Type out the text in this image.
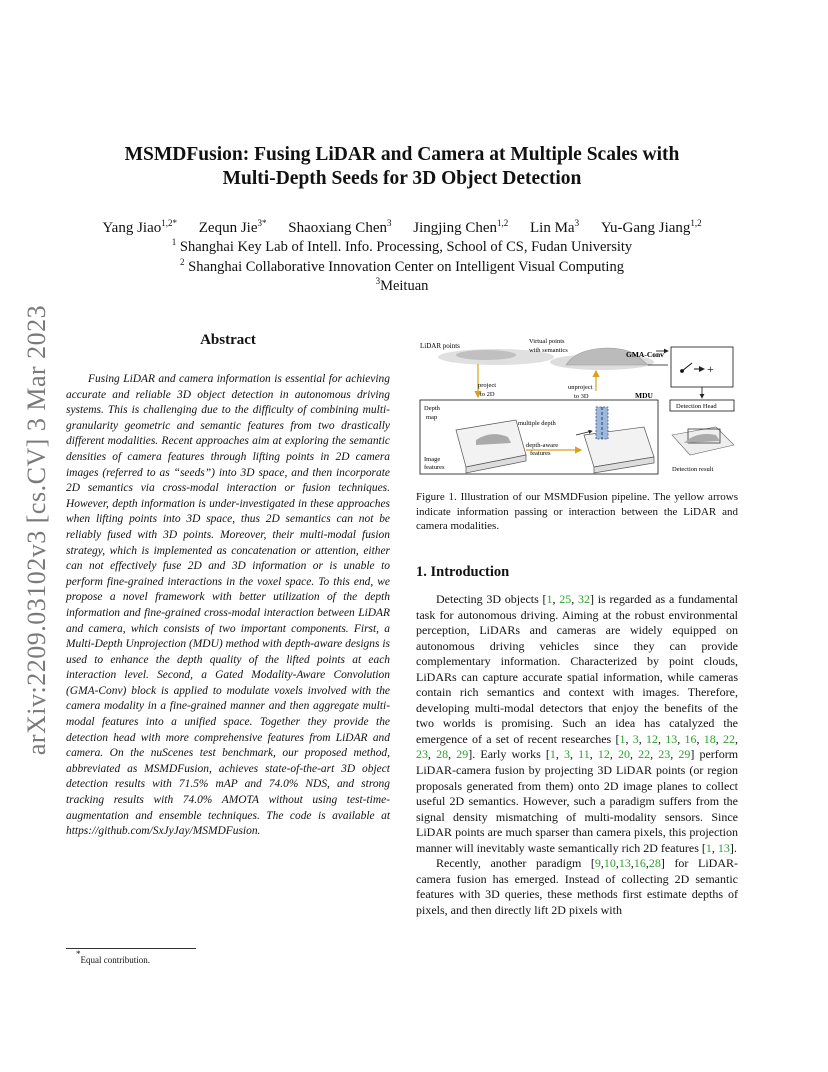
arXiv:2209.03102v3 [cs.CV] 3 Mar 2023
MSMDFusion: Fusing LiDAR and Camera at Multiple Scales with
Multi-Depth Seeds for 3D Object Detection
Yang Jiao$^{1,2*}$ Zequn Jie$^{3*}$ Shaoxiang Chen$^3$ Jingjing Chen$^{1,2}$ Lin Ma$^3$ Yu-Gang Jiang$^{1,2}$
$^1$ Shanghai Key Lab of Intell. Info. Processing, School of CS, Fudan University
$^2$ Shanghai Collaborative Innovation Center on Intelligent Visual Computing
$^3$Meituan
Abstract
Fusing LiDAR and camera information is essential for achieving accurate and reliable 3D object detection in autonomous driving systems. This is challenging due to the difficulty of combining multi-granularity geometric and semantic features from two drastically different modalities. Recent approaches aim at exploring the semantic densities of camera features through lifting points in 2D camera images (referred to as “seeds”) into 3D space, and then incorporate 2D semantics via cross-modal interaction or fusion techniques. However, depth information is under-investigated in these approaches when lifting points into 3D space, thus 2D semantics can not be reliably fused with 3D points. Moreover, their multi-modal fusion strategy, which is implemented as concatenation or attention, either can not effectively fuse 2D and 3D information or is unable to perform fine-grained interactions in the voxel space. To this end, we propose a novel framework with better utilization of the depth information and fine-grained cross-modal interaction between LiDAR and camera, which consists of two important components. First, a Multi-Depth Unprojection (MDU) method with depth-aware designs is used to enhance the depth quality of the lifted points at each interaction level. Second, a Gated Modality-Aware Convolution (GMA-Conv) block is applied to modulate voxels involved with the camera modality in a fine-grained manner and then aggregate multi-modal features into a unified space. Together they provide the detection head with more comprehensive features from LiDAR and camera. On the nuScenes test benchmark, our proposed method, abbreviated as MSMDFusion, achieves state-of-the-art 3D object detection results with 71.5% mAP and 74.0% NDS, and strong tracking results with 74.0% AMOTA without using test-time-augmentation and ensemble techniques. The code is available at https://github.com/SxJyJay/MSMDFusion.
*Equal contribution.
LiDAR points
Virtual points
with semantics	GMA-Conv
+
project
to 2D
unproject
to 3D	MDU
Depth
map
Image
features
multiple depth
depth-aware
features
Detection Head
Detection result
Figure 1. Illustration of our MSMDFusion pipeline. The yellow arrows indicate information passing or interaction between the LiDAR and camera modalities.
1. Introduction

Detecting 3D objects [1, 25, 32] is regarded as a fundamental task for autonomous driving. Aiming at the robust environmental perception, LiDARs and cameras are widely equipped on autonomous driving vehicles since they can provide complementary information. Characterized by point clouds, LiDARs can capture accurate spatial information, while cameras contain rich semantics and context with images. Therefore, developing multi-modal detectors that enjoy the benefits of the two worlds is promising. Such an idea has catalyzed the emergence of a set of recent researches [1, 3, 12, 13, 16, 18, 22, 23, 28, 29]. Early works [1, 3, 11, 12, 20, 22, 23, 29] perform LiDAR-camera fusion by projecting 3D LiDAR points (or region proposals generated from them) onto 2D image planes to collect useful 2D semantics. However, such a paradigm suffers from the signal density mismatching of multi-modality sensors. Since LiDAR points are much sparser than camera pixels, this projection manner will inevitably waste semantically rich 2D features [1, 13].

Recently, another paradigm [9,10,13,16,28] for LiDAR-camera fusion has emerged. Instead of collecting 2D semantic features with 3D queries, these methods first estimate depths of pixels, and then directly lift 2D pixels with
